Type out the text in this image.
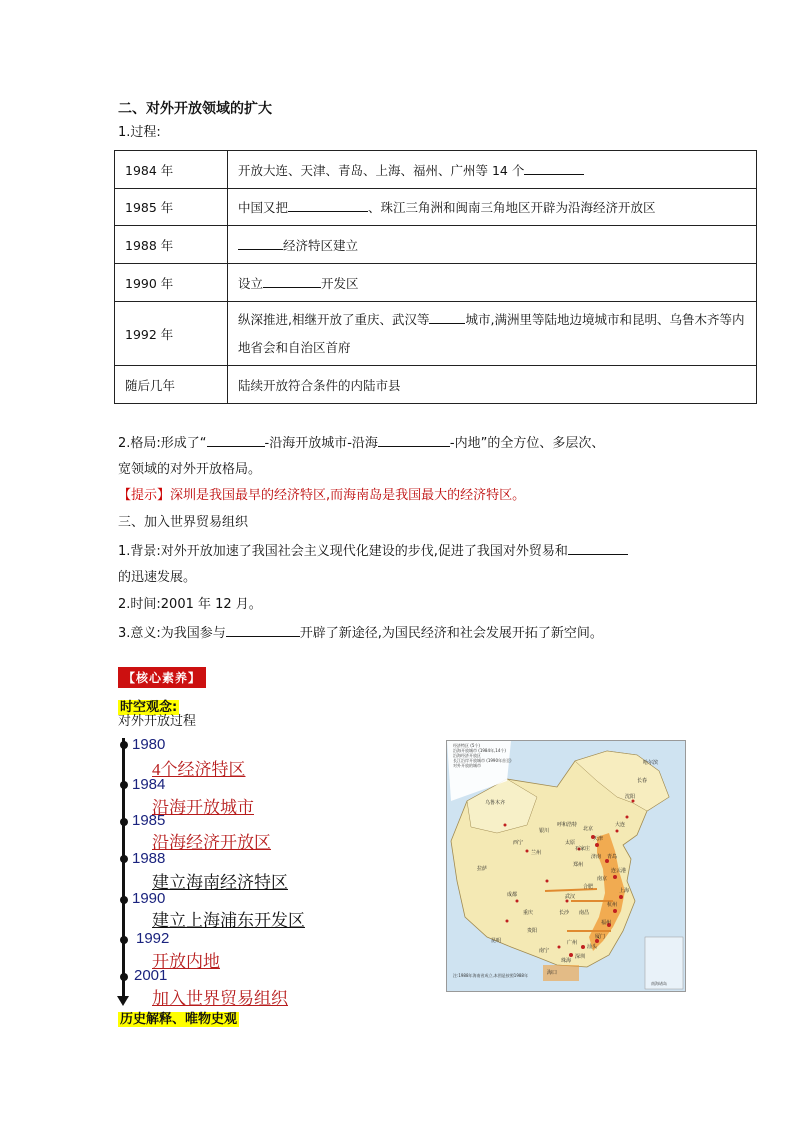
二、对外开放领域的扩大
1.过程:
1984 年	开放大连、天津、青岛、上海、福州、广州等 14 个
1985 年	中国又把 、珠江三角洲和闽南三角地区开辟为沿海经济开放区
1988 年	经济特区建立
1990 年	设立 开发区
1992 年	纵深推进,相继开放了重庆、武汉等 城市,满洲里等陆地边境城市和昆明、乌鲁木齐等内地省会和自治区首府
随后几年	陆续开放符合条件的内陆市县
2.格局:形成了“	-沿海开放城市-沿海	-内地”的全方位、多层次、
宽领域的对外开放格局。
【提示】深圳是我国最早的经济特区,而海南岛是我国最大的经济特区。
三、加入世界贸易组织
1.背景:对外开放加速了我国社会主义现代化建设的步伐,促进了我国对外贸易和
的迅速发展。
2.时间:2001 年 12 月。
3.意义:为我国参与	开辟了新途径,为国民经济和社会发展开拓了新空间。
【核心素养】
时空观念:
对外开放过程
1980
4个经济特区
1984
沿海开放城市
1985
沿海经济开放区
1988
建立海南经济特区
1990
建立上海浦东开发区
1992
开放内地
2001
加入世界贸易组织
历史解释、唯物史观
经济特区 (5个)
沿海开放城市 (1984年,14个)
沿海经济开放区
长江沿岸开放城市 (1990年首至)
对外开放的城市
注:1988年海南省成立,本图是按照1988年
南海诸岛
哈尔滨
长春
沈阳
呼和浩特
北京
天津
大连
乌鲁木齐
银川
太原
石家庄
西宁
兰州
济南 青岛
拉萨
郑州
连云港
南京
合肥
上海
成都	武汉
杭州
重庆	长沙 南昌
福州
贵阳
昆明	广州
南宁
海口
厦门
汕头
深圳
珠海
